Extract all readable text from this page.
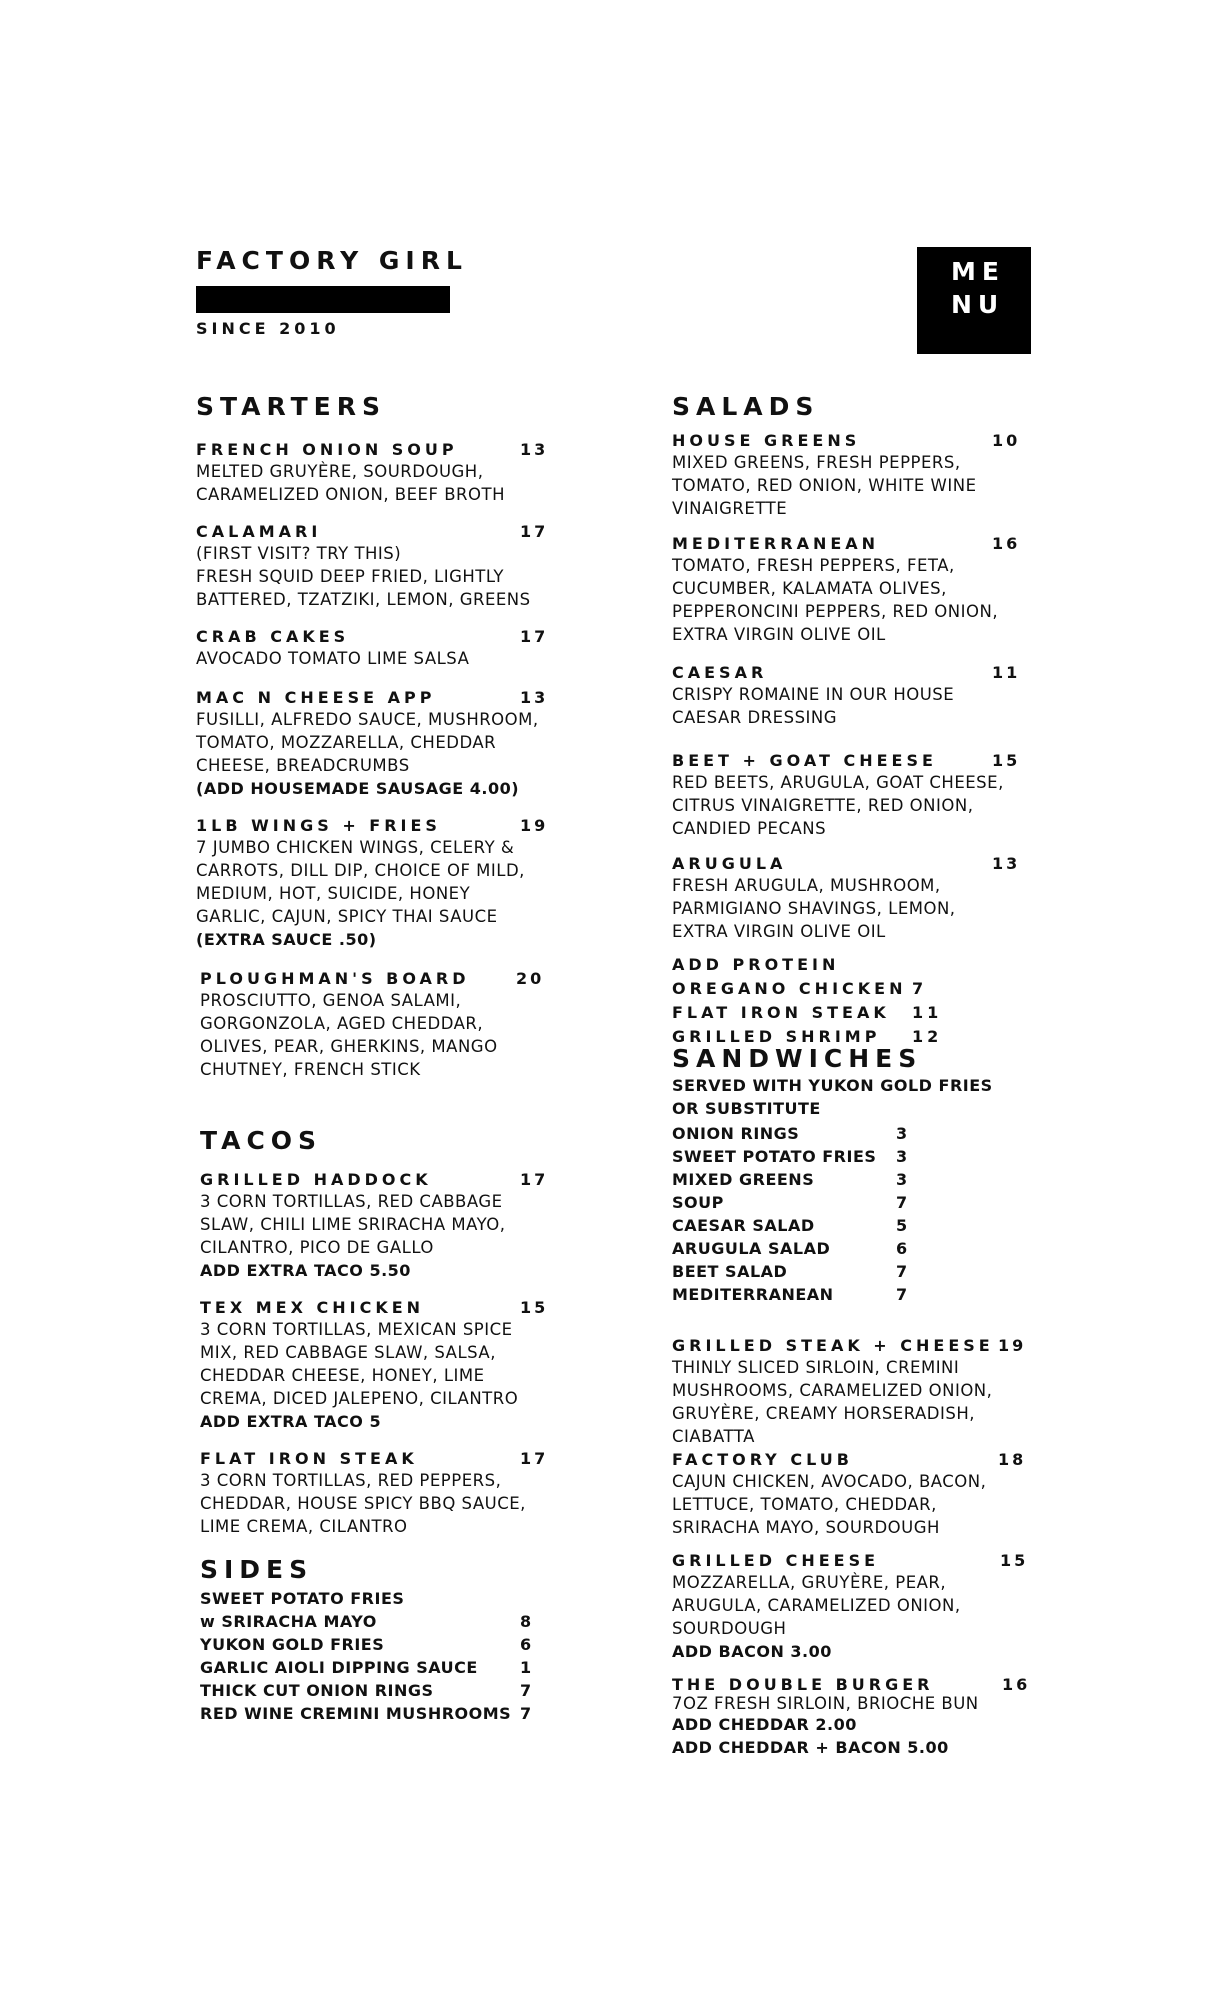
FACTORY GIRL
SINCE 2010
ME
NU
STARTERS
FRENCH ONION SOUP	13
MELTED GRUYÈRE, SOURDOUGH,
CARAMELIZED ONION, BEEF BROTH
CALAMARI	17
(FIRST VISIT? TRY THIS)
FRESH SQUID DEEP FRIED, LIGHTLY
BATTERED, TZATZIKI, LEMON, GREENS
CRAB CAKES	17
AVOCADO TOMATO LIME SALSA
MAC N CHEESE APP	13
FUSILLI, ALFREDO SAUCE, MUSHROOM,
TOMATO, MOZZARELLA, CHEDDAR
CHEESE, BREADCRUMBS
(ADD HOUSEMADE SAUSAGE 4.00)
1LB WINGS + FRIES	19
7 JUMBO CHICKEN WINGS, CELERY &
CARROTS, DILL DIP, CHOICE OF MILD,
MEDIUM, HOT, SUICIDE, HONEY
GARLIC, CAJUN, SPICY THAI SAUCE
(EXTRA SAUCE .50)
PLOUGHMAN'S BOARD	20
PROSCIUTTO, GENOA SALAMI,
GORGONZOLA, AGED CHEDDAR,
OLIVES, PEAR, GHERKINS, MANGO
CHUTNEY, FRENCH STICK
TACOS
GRILLED HADDOCK	17
3 CORN TORTILLAS, RED CABBAGE
SLAW, CHILI LIME SRIRACHA MAYO,
CILANTRO, PICO DE GALLO
ADD EXTRA TACO 5.50
TEX MEX CHICKEN	15
3 CORN TORTILLAS, MEXICAN SPICE
MIX, RED CABBAGE SLAW, SALSA,
CHEDDAR CHEESE, HONEY, LIME
CREMA, DICED JALEPENO, CILANTRO
ADD EXTRA TACO 5
FLAT IRON STEAK	17
3 CORN TORTILLAS, RED PEPPERS,
CHEDDAR, HOUSE SPICY BBQ SAUCE,
LIME CREMA, CILANTRO
SIDES
SWEET POTATO FRIES
w SRIRACHA MAYO	8
YUKON GOLD FRIES	6
GARLIC AIOLI DIPPING SAUCE	1
THICK CUT ONION RINGS	7
RED WINE CREMINI MUSHROOMS 7
SALADS
HOUSE GREENS	10
MIXED GREENS, FRESH PEPPERS,
TOMATO, RED ONION, WHITE WINE
VINAIGRETTE
MEDITERRANEAN	16
TOMATO, FRESH PEPPERS, FETA,
CUCUMBER, KALAMATA OLIVES,
PEPPERONCINI PEPPERS, RED ONION,
EXTRA VIRGIN OLIVE OIL
CAESAR	11
CRISPY ROMAINE IN OUR HOUSE
CAESAR DRESSING
BEET + GOAT CHEESE	15
RED BEETS, ARUGULA, GOAT CHEESE,
CITRUS VINAIGRETTE, RED ONION,
CANDIED PECANS
ARUGULA	13
FRESH ARUGULA, MUSHROOM,
PARMIGIANO SHAVINGS, LEMON,
EXTRA VIRGIN OLIVE OIL
ADD PROTEIN
OREGANO CHICKEN 7
FLAT IRON STEAK 11
GRILLED SHRIMP 12
SANDWICHES
SERVED WITH YUKON GOLD FRIES
OR SUBSTITUTE
ONION RINGS	3
SWEET POTATO FRIES 3
MIXED GREENS	3
SOUP	7
CAESAR SALAD	5
ARUGULA SALAD	6
BEET SALAD	7
MEDITERRANEAN	7
GRILLED STEAK + CHEESE 19
THINLY SLICED SIRLOIN, CREMINI
MUSHROOMS, CARAMELIZED ONION,
GRUYÈRE, CREAMY HORSERADISH,
CIABATTA
FACTORY CLUB	18
CAJUN CHICKEN, AVOCADO, BACON,
LETTUCE, TOMATO, CHEDDAR,
SRIRACHA MAYO, SOURDOUGH
GRILLED CHEESE	15
MOZZARELLA, GRUYÈRE, PEAR,
ARUGULA, CARAMELIZED ONION,
SOURDOUGH
ADD BACON 3.00
THE DOUBLE BURGER	16
7OZ FRESH SIRLOIN, BRIOCHE BUN
ADD CHEDDAR 2.00
ADD CHEDDAR + BACON 5.00
